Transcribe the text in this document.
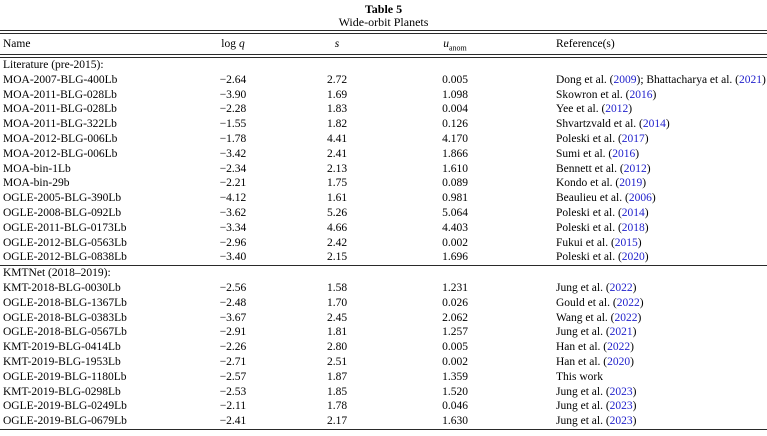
Table 5
Wide-orbit Planets
Name	log q	s	$u_{anom}$	Reference(s)
Literature (pre-2015):
MOA-2007-BLG-400Lb	−2.64	2.72	0.005	Dong et al. (2009); Bhattacharya et al. (2021)
MOA-2011-BLG-028Lb	−3.90	1.69	1.098	Skowron et al. (2016)
MOA-2011-BLG-028Lb	−2.28	1.83	0.004	Yee et al. (2012)
MOA-2011-BLG-322Lb	−1.55	1.82	0.126	Shvartzvald et al. (2014)
MOA-2012-BLG-006Lb	−1.78	4.41	4.170	Poleski et al. (2017)
MOA-2012-BLG-006Lb	−3.42	2.41	1.866	Sumi et al. (2016)
MOA-bin-1Lb	−2.34	2.13	1.610	Bennett et al. (2012)
MOA-bin-29b	−2.21	1.75	0.089	Kondo et al. (2019)
OGLE-2005-BLG-390Lb	−4.12	1.61	0.981	Beaulieu et al. (2006)
OGLE-2008-BLG-092Lb	−3.62	5.26	5.064	Poleski et al. (2014)
OGLE-2011-BLG-0173Lb	−3.34	4.66	4.403	Poleski et al. (2018)
OGLE-2012-BLG-0563Lb	−2.96	2.42	0.002	Fukui et al. (2015)
OGLE-2012-BLG-0838Lb	−3.40	2.15	1.696	Poleski et al. (2020)
KMTNet (2018–2019):
KMT-2018-BLG-0030Lb	−2.56	1.58	1.231	Jung et al. (2022)
OGLE-2018-BLG-1367Lb	−2.48	1.70	0.026	Gould et al. (2022)
OGLE-2018-BLG-0383Lb	−3.67	2.45	2.062	Wang et al. (2022)
OGLE-2018-BLG-0567Lb	−2.91	1.81	1.257	Jung et al. (2021)
KMT-2019-BLG-0414Lb	−2.26	2.80	0.005	Han et al. (2022)
KMT-2019-BLG-1953Lb	−2.71	2.51	0.002	Han et al. (2020)
OGLE-2019-BLG-1180Lb	−2.57	1.87	1.359	This work
KMT-2019-BLG-0298Lb	−2.53	1.85	1.520	Jung et al. (2023)
OGLE-2019-BLG-0249Lb	−2.11	1.78	0.046	Jung et al. (2023)
OGLE-2019-BLG-0679Lb	−2.41	2.17	1.630	Jung et al. (2023)
